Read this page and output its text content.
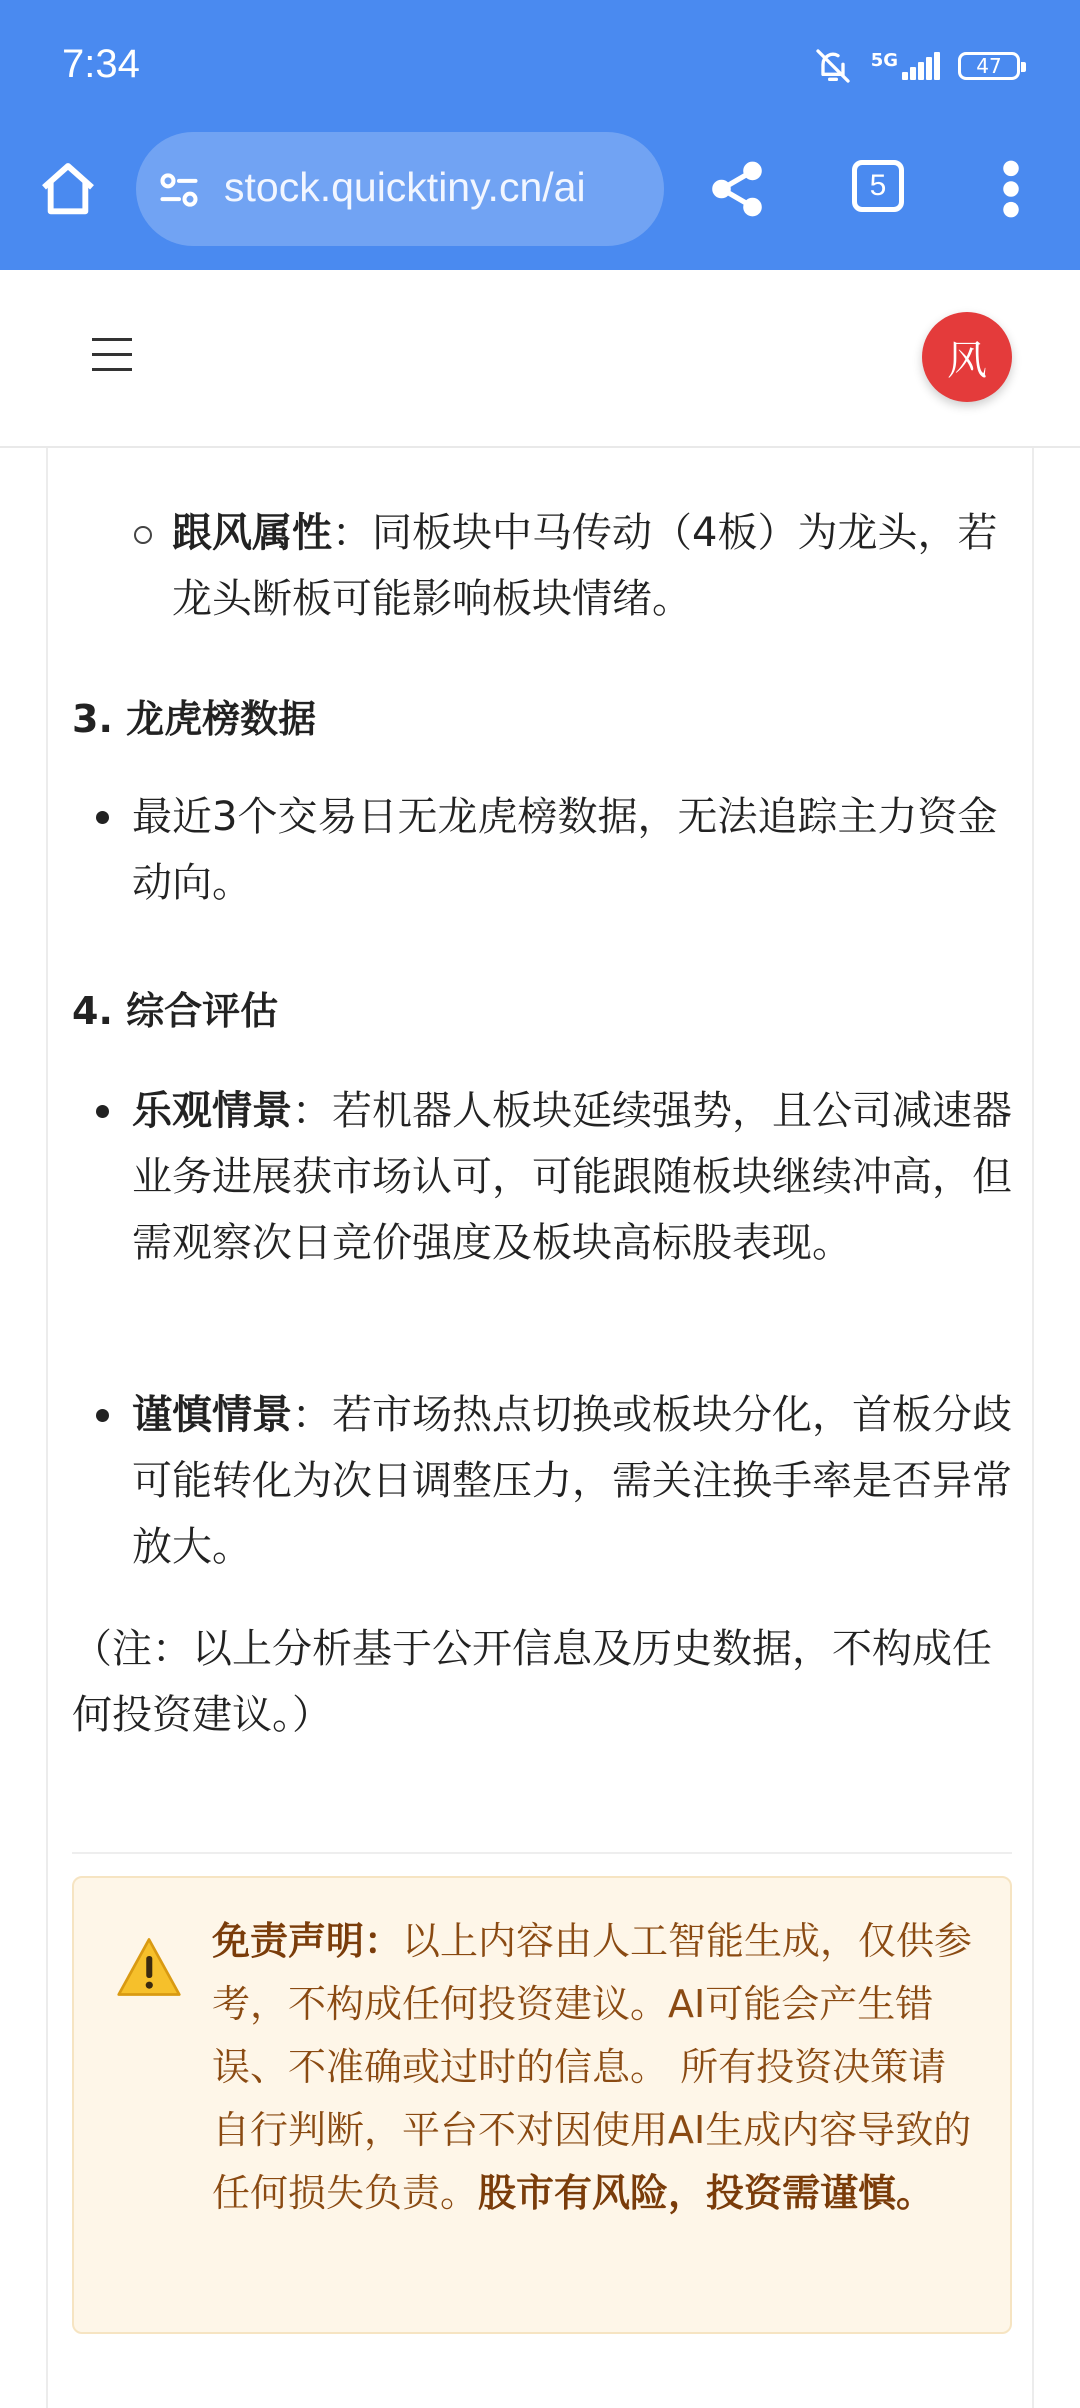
7:34	5G	47
stock.quicktiny.cn/ai	5
风
跟风属性：同板块中马传动（4板）为龙头，若龙头断板可能影响板块情绪。
3. 龙虎榜数据
最近3个交易日无龙虎榜数据，无法追踪主力资金动向。
4. 综合评估
乐观情景：若机器人板块延续强势，且公司减速器业务进展获市场认可，可能跟随板块继续冲高，但需观察次日竞价强度及板块高标股表现。
谨慎情景：若市场热点切换或板块分化，首板分歧可能转化为次日调整压力，需关注换手率是否异常放大。
（注：以上分析基于公开信息及历史数据，不构成任何投资建议。）
免责声明：以上内容由人工智能生成，仅供参考，不构成任何投资建议。AI可能会产生错误、不准确或过时的信息。 所有投资决策请自行判断，平台不对因使用AI生成内容导致的任何损失负责。股市有风险，投资需谨慎。
